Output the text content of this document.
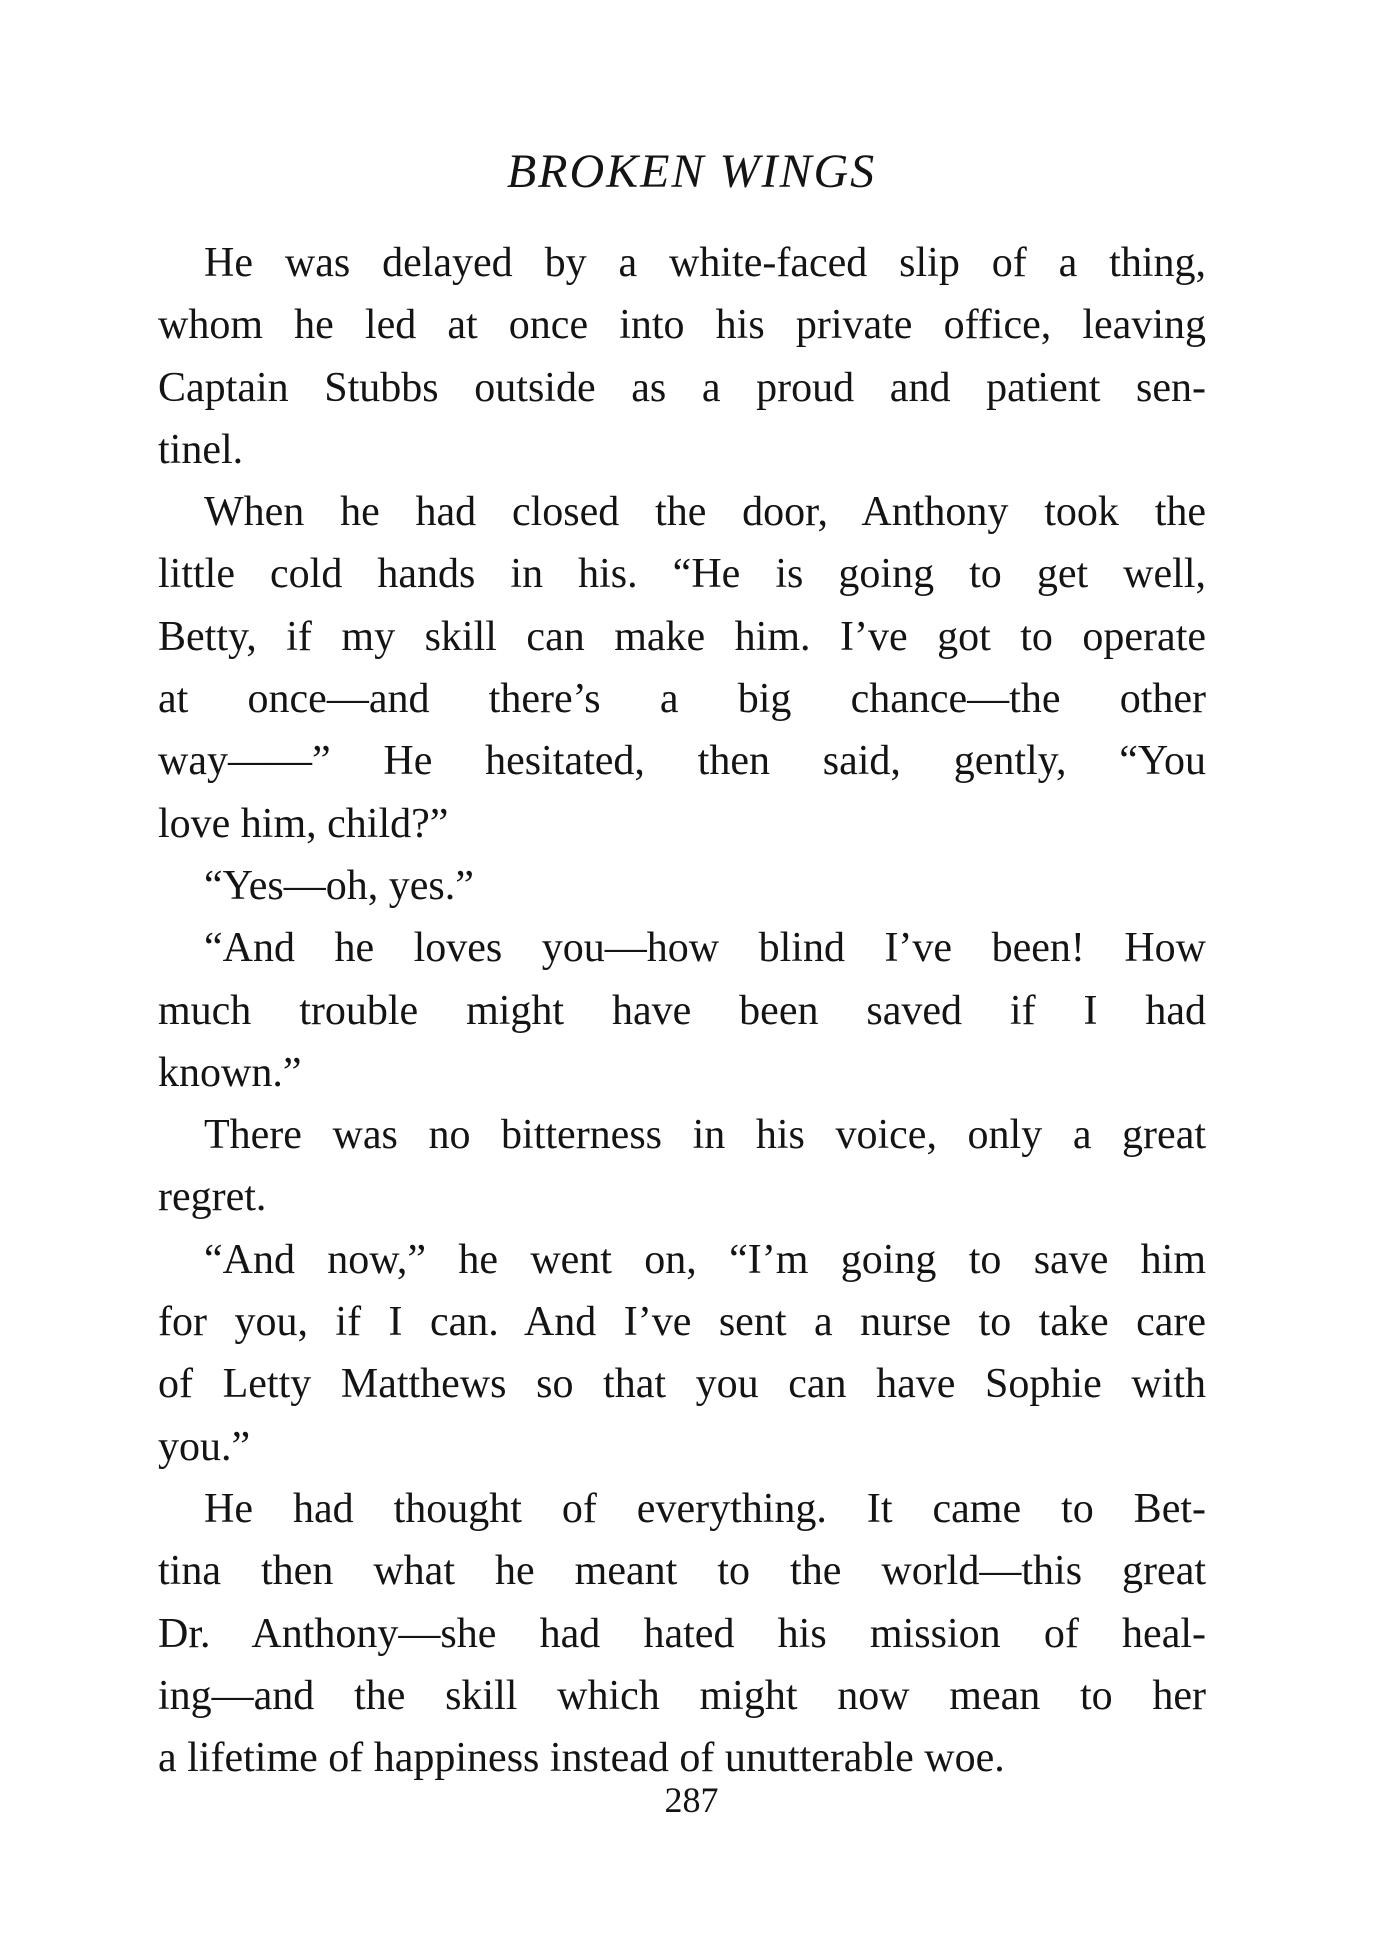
BROKEN WINGS

He was delayed by a white-faced slip of a thing,
whom he led at once into his private office, leaving
Captain Stubbs outside as a proud and patient sen-
tinel.

When he had closed the door, Anthony took the
little cold hands in his. “He is going to get well,
Betty, if my skill can make him. I’ve got to operate
at once—and there’s a big chance—the other
way——” He hesitated, then said, gently, “You
love him, child?”

“Yes—oh, yes.”

“And he loves you—how blind I’ve been! How
much trouble might have been saved if I had
known.”

There was no bitterness in his voice, only a great
regret.

“And now,” he went on, “I’m going to save him
for you, if I can. And I’ve sent a nurse to take care
of Letty Matthews so that you can have Sophie with
you.”

He had thought of everything. It came to Bet-
tina then what he meant to the world—this great
Dr. Anthony—she had hated his mission of heal-
ing—and the skill which might now mean to her
a lifetime of happiness instead of unutterable woe.

287
